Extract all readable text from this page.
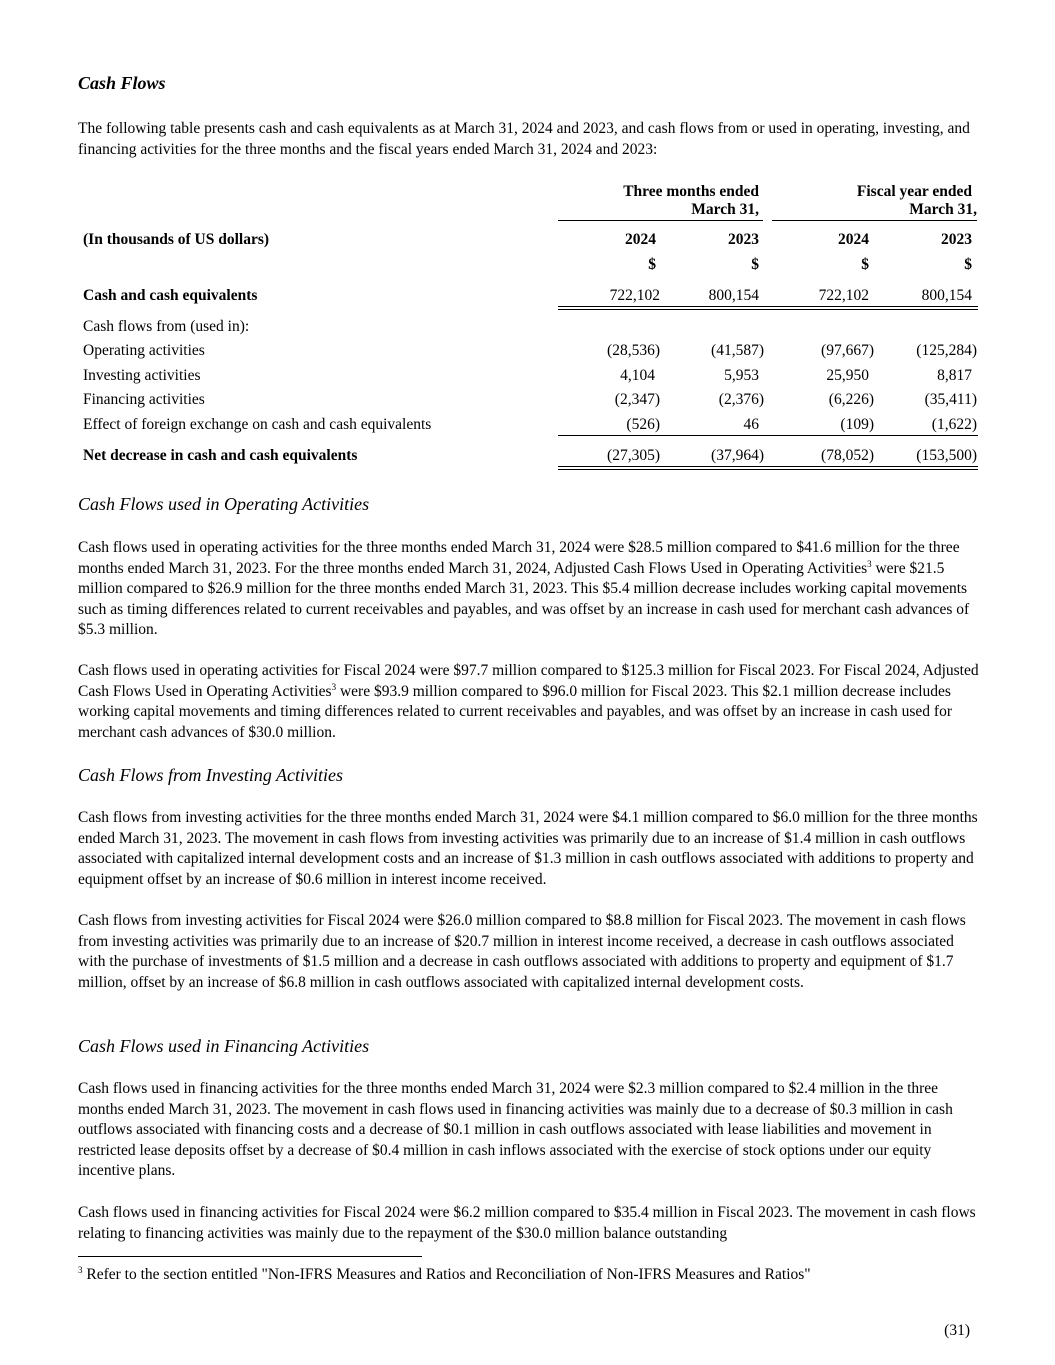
Cash Flows

The following table presents cash and cash equivalents as at March 31, 2024 and 2023, and cash flows from or used in operating, investing, and financing activities for the three months and the fiscal years ended March 31, 2024 and 2023:

Three months ended
March 31,
Fiscal year ended
March 31,
(In thousands of US dollars)	2024	2023	2024	2023
$	$	$	$
Cash and cash equivalents	722,102	800,154	722,102	800,154
Cash flows from (used in):
Operating activities	(28,536)	(41,587)	(97,667)	(125,284)
Investing activities	4,104	5,953	25,950	8,817
Financing activities	(2,347)	(2,376)	(6,226)	(35,411)
Effect of foreign exchange on cash and cash equivalents	(526)	46	(109)	(1,622)
Net decrease in cash and cash equivalents	(27,305)	(37,964)	(78,052)	(153,500)
Cash Flows used in Operating Activities

Cash flows used in operating activities for the three months ended March 31, 2024 were $28.5 million compared to $41.6 million for the three months ended March 31, 2023. For the three months ended March 31, 2024, Adjusted Cash Flows Used in Operating Activities$^3$ were $21.5 million compared to $26.9 million for the three months ended March 31, 2023. This $5.4 million decrease includes working capital movements such as timing differences related to current receivables and payables, and was offset by an increase in cash used for merchant cash advances of $5.3 million.

Cash flows used in operating activities for Fiscal 2024 were $97.7 million compared to $125.3 million for Fiscal 2023. For Fiscal 2024, Adjusted Cash Flows Used in Operating Activities$^3$ were $93.9 million compared to $96.0 million for Fiscal 2023. This $2.1 million decrease includes working capital movements and timing differences related to current receivables and payables, and was offset by an increase in cash used for merchant cash advances of $30.0 million.

Cash Flows from Investing Activities

Cash flows from investing activities for the three months ended March 31, 2024 were $4.1 million compared to $6.0 million for the three months ended March 31, 2023. The movement in cash flows from investing activities was primarily due to an increase of $1.4 million in cash outflows associated with capitalized internal development costs and an increase of $1.3 million in cash outflows associated with additions to property and equipment offset by an increase of $0.6 million in interest income received.

Cash flows from investing activities for Fiscal 2024 were $26.0 million compared to $8.8 million for Fiscal 2023. The movement in cash flows from investing activities was primarily due to an increase of $20.7 million in interest income received, a decrease in cash outflows associated with the purchase of investments of $1.5 million and a decrease in cash outflows associated with additions to property and equipment of $1.7 million, offset by an increase of $6.8 million in cash outflows associated with capitalized internal development costs.

Cash Flows used in Financing Activities

Cash flows used in financing activities for the three months ended March 31, 2024 were $2.3 million compared to $2.4 million in the three months ended March 31, 2023. The movement in cash flows used in financing activities was mainly due to a decrease of $0.3 million in cash outflows associated with financing costs and a decrease of $0.1 million in cash outflows associated with lease liabilities and movement in restricted lease deposits offset by a decrease of $0.4 million in cash inflows associated with the exercise of stock options under our equity incentive plans.

Cash flows used in financing activities for Fiscal 2024 were $6.2 million compared to $35.4 million in Fiscal 2023. The movement in cash flows relating to financing activities was mainly due to the repayment of the $30.0 million balance outstanding

$^3$ Refer to the section entitled "Non-IFRS Measures and Ratios and Reconciliation of Non-IFRS Measures and Ratios"
(31)
